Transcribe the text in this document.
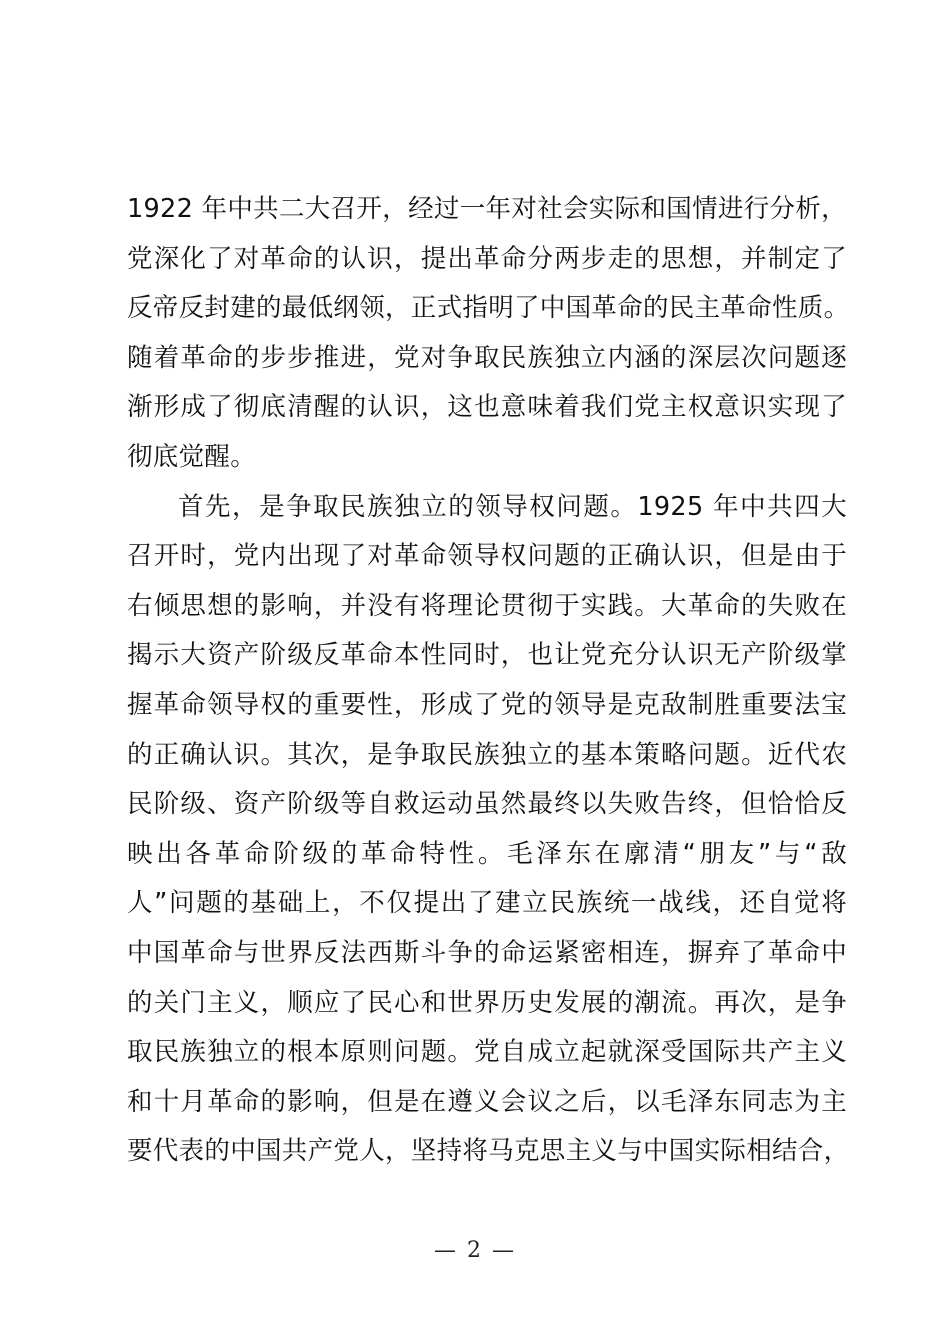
1922 年中共二大召开，经过一年对社会实际和国情进行分析，
党深化了对革命的认识，提出革命分两步走的思想，并制定了
反帝反封建的最低纲领，正式指明了中国革命的民主革命性质。
随着革命的步步推进，党对争取民族独立内涵的深层次问题逐
渐形成了彻底清醒的认识，这也意味着我们党主权意识实现了
彻底觉醒。
首先，是争取民族独立的领导权问题。1925 年中共四大
召开时，党内出现了对革命领导权问题的正确认识，但是由于
右倾思想的影响，并没有将理论贯彻于实践。大革命的失败在
揭示大资产阶级反革命本性同时，也让党充分认识无产阶级掌
握革命领导权的重要性，形成了党的领导是克敌制胜重要法宝
的正确认识。其次，是争取民族独立的基本策略问题。近代农
民阶级、资产阶级等自救运动虽然最终以失败告终，但恰恰反
映出各革命阶级的革命特性。毛泽东在廓清“朋友”与“敌
人”问题的基础上，不仅提出了建立民族统一战线，还自觉将
中国革命与世界反法西斯斗争的命运紧密相连，摒弃了革命中
的关门主义，顺应了民心和世界历史发展的潮流。再次，是争
取民族独立的根本原则问题。党自成立起就深受国际共产主义
和十月革命的影响，但是在遵义会议之后，以毛泽东同志为主
要代表的中国共产党人，坚持将马克思主义与中国实际相结合，
— 2 —
